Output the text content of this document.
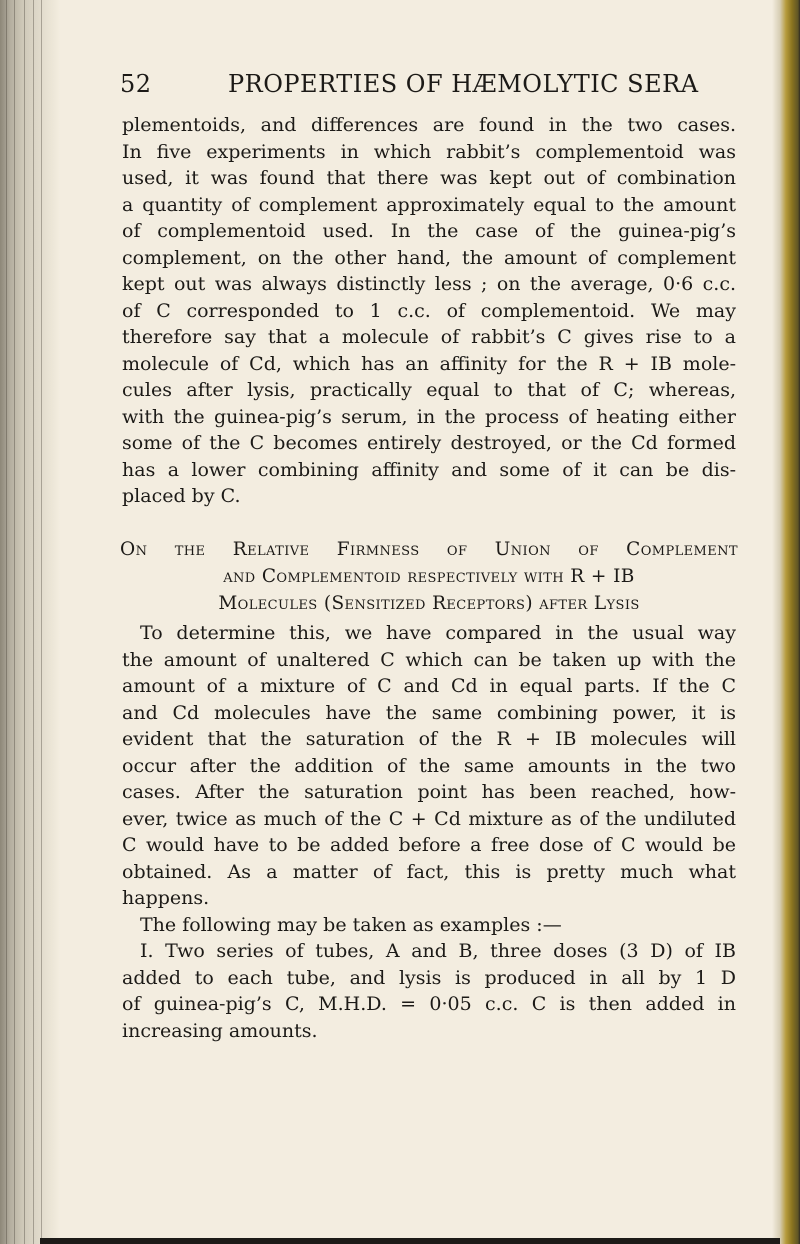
52	PROPERTIES OF HÆMOLYTIC SERA
plementoids, and differences are found in the two cases.
In five experiments in which rabbit’s complementoid was
used, it was found that there was kept out of combination
a quantity of complement approximately equal to the amount
of complementoid used. In the case of the guinea-pig’s
complement, on the other hand, the amount of complement
kept out was always distinctly less ; on the average, 0·6 c.c.
of C corresponded to 1 c.c. of complementoid. We may
therefore say that a molecule of rabbit’s C gives rise to a
molecule of Cd, which has an affinity for the R + IB mole-
cules after lysis, practically equal to that of C; whereas,
with the guinea-pig’s serum, in the process of heating either
some of the C becomes entirely destroyed, or the Cd formed
has a lower combining affinity and some of it can be dis-
placed by C.
On the Relative Firmness of Union of Complement
and Complementoid respectively with R + IB
Molecules (Sensitized Receptors) after Lysis
To determine this, we have compared in the usual way
the amount of unaltered C which can be taken up with the
amount of a mixture of C and Cd in equal parts. If the C
and Cd molecules have the same combining power, it is
evident that the saturation of the R + IB molecules will
occur after the addition of the same amounts in the two
cases. After the saturation point has been reached, how-
ever, twice as much of the C + Cd mixture as of the undiluted
C would have to be added before a free dose of C would be
obtained. As a matter of fact, this is pretty much what
happens.
The following may be taken as examples :—
I. Two series of tubes, A and B, three doses (3 D) of IB
added to each tube, and lysis is produced in all by 1 D
of guinea-pig’s C, M.H.D. = 0·05 c.c. C is then added in
increasing amounts.
